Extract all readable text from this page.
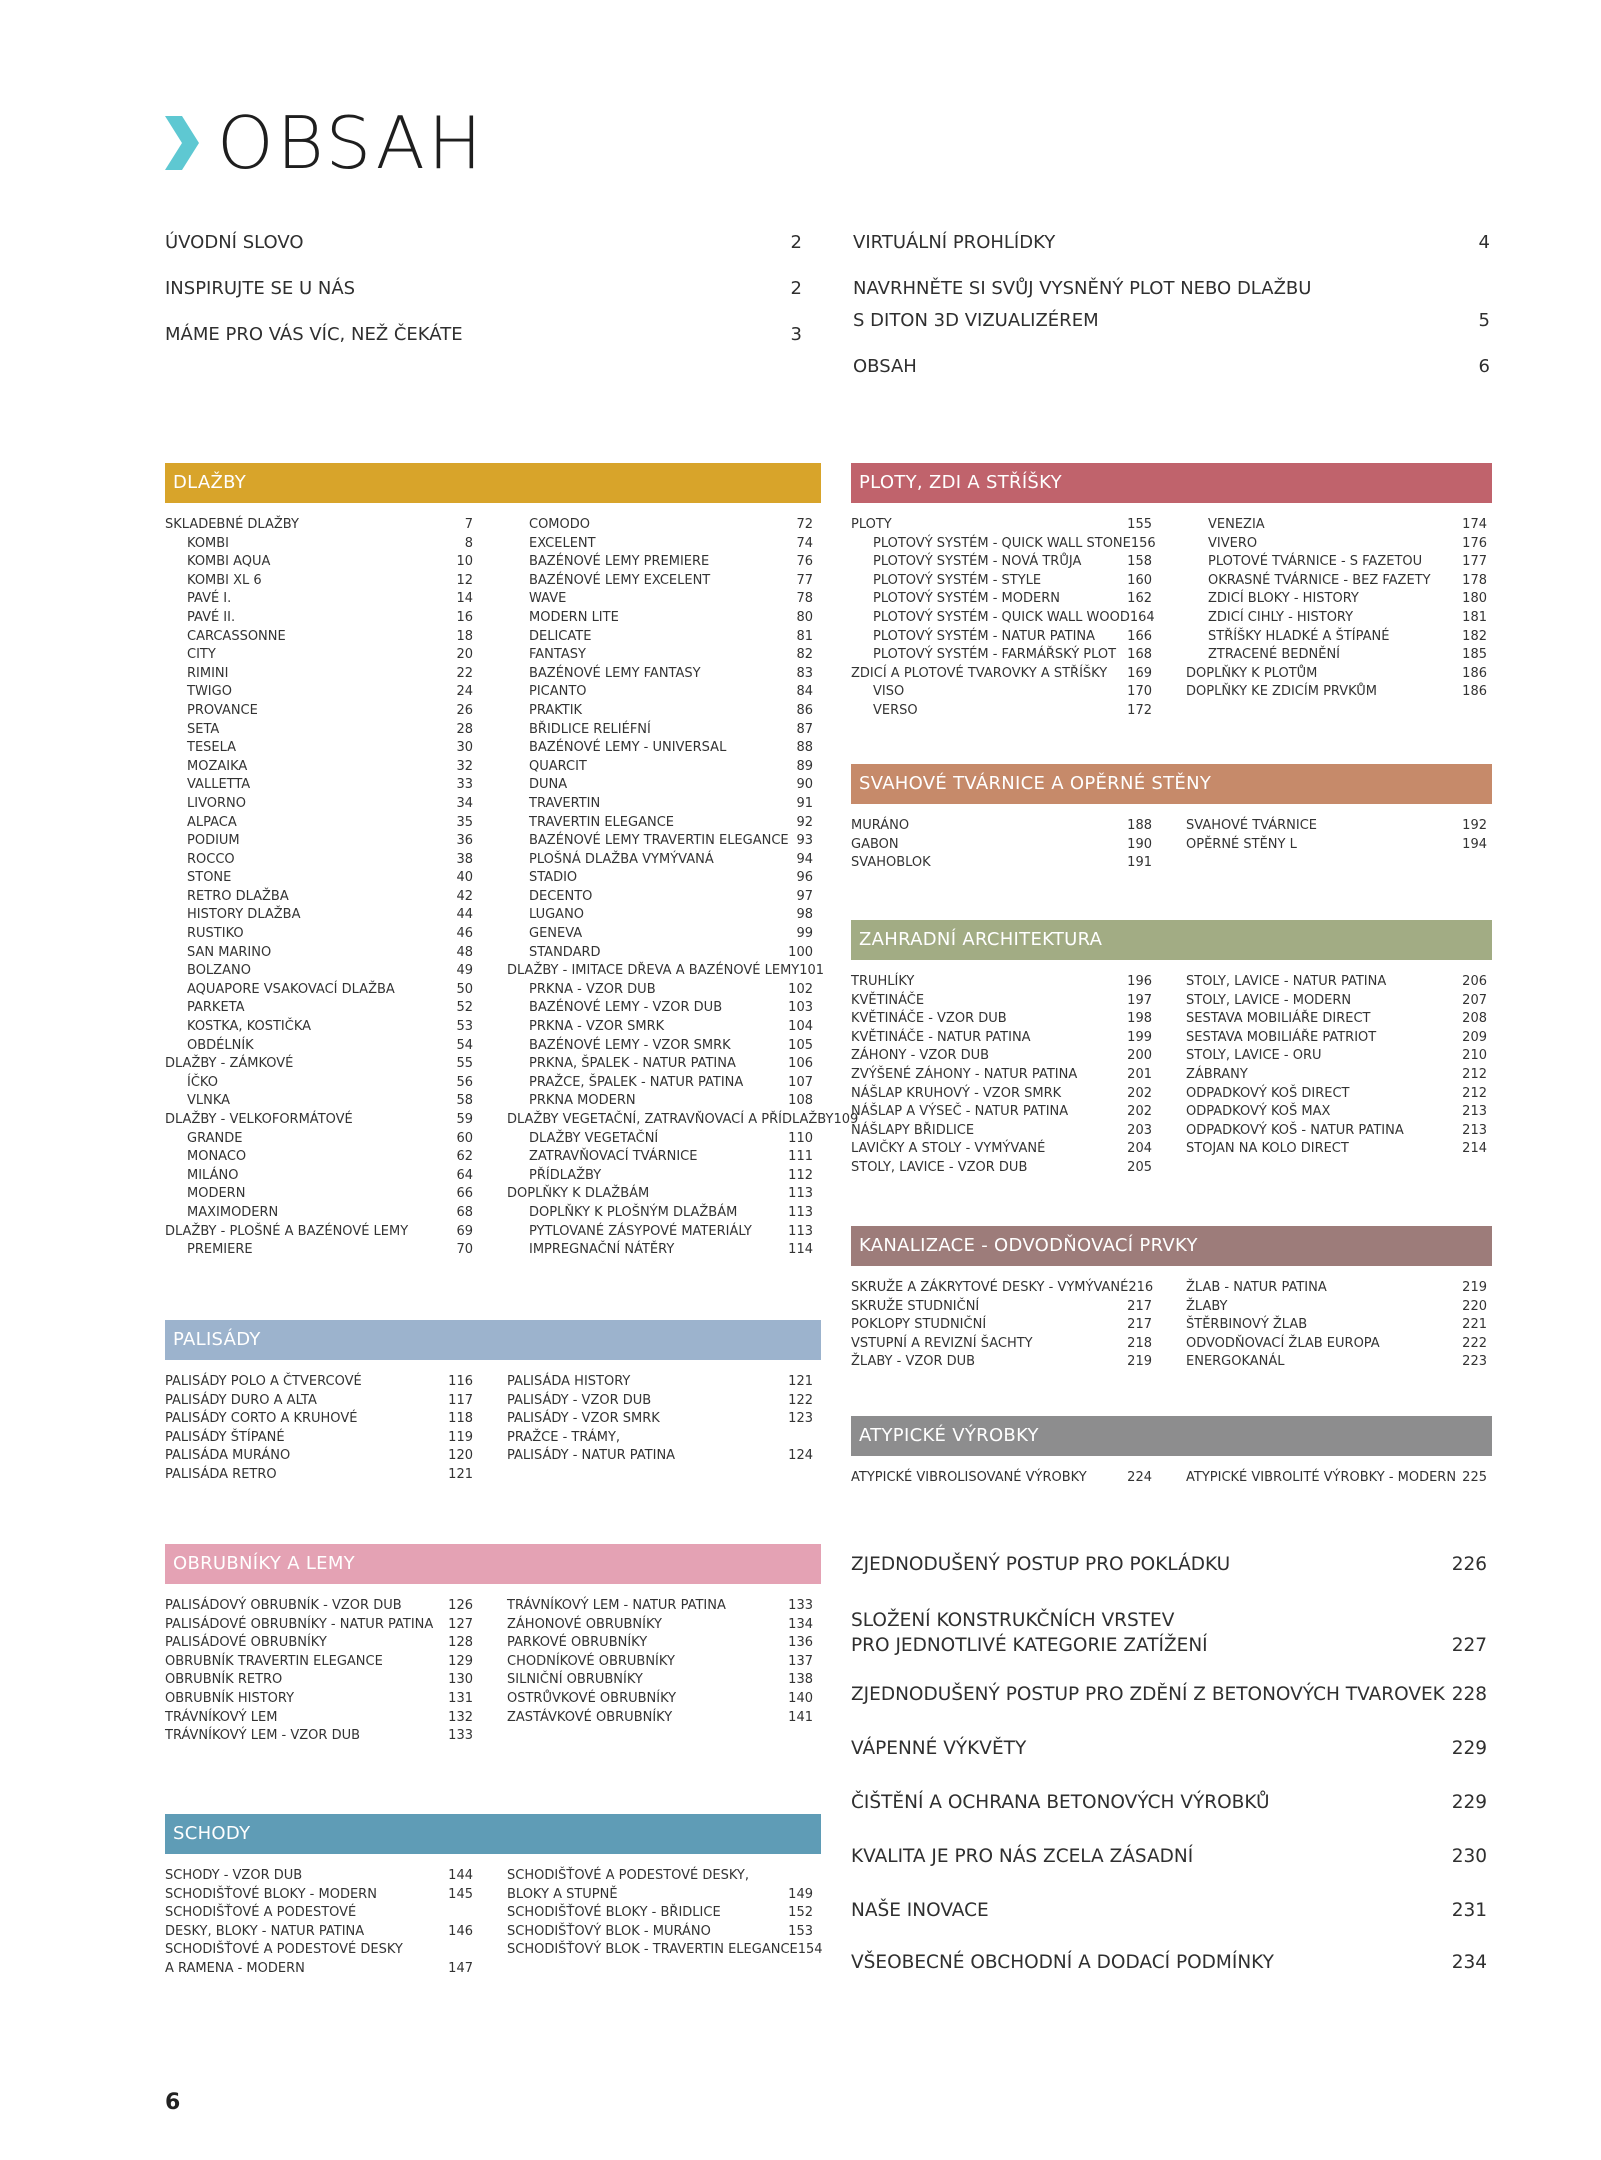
OBSAH
ÚVODNÍ SLOVO	2
INSPIRUJTE SE U NÁS	2
MÁME PRO VÁS VÍC, NEŽ ČEKÁTE	3
VIRTUÁLNÍ PROHLÍDKY	4
NAVRHNĚTE SI SVŮJ VYSNĚNÝ PLOT NEBO DLAŽBU
S DITON 3D VIZUALIZÉREM	5
OBSAH	6
DLAŽBY
SKLADEBNÉ DLAŽBY	7
KOMBI	8
KOMBI AQUA	10
KOMBI XL 6	12
PAVÉ I.	14
PAVÉ II.	16
CARCASSONNE	18
CITY	20
RIMINI	22
TWIGO	24
PROVANCE	26
SETA	28
TESELA	30
MOZAIKA	32
VALLETTA	33
LIVORNO	34
ALPACA	35
PODIUM	36
ROCCO	38
STONE	40
RETRO DLAŽBA	42
HISTORY DLAŽBA	44
RUSTIKO	46
SAN MARINO	48
BOLZANO	49
AQUAPORE VSAKOVACÍ DLAŽBA	50
PARKETA	52
KOSTKA, KOSTIČKA	53
OBDÉLNÍK	54
DLAŽBY - ZÁMKOVÉ	55
ÍČKO	56
VLNKA	58
DLAŽBY - VELKOFORMÁTOVÉ	59
GRANDE	60
MONACO	62
MILÁNO	64
MODERN	66
MAXIMODERN	68
DLAŽBY - PLOŠNÉ A BAZÉNOVÉ LEMY	69
PREMIERE	70
COMODO	72
EXCELENT	74
BAZÉNOVÉ LEMY PREMIERE	76
BAZÉNOVÉ LEMY EXCELENT	77
WAVE	78
MODERN LITE	80
DELICATE	81
FANTASY	82
BAZÉNOVÉ LEMY FANTASY	83
PICANTO	84
PRAKTIK	86
BŘIDLICE RELIÉFNÍ	87
BAZÉNOVÉ LEMY - UNIVERSAL	88
QUARCIT	89
DUNA	90
TRAVERTIN	91
TRAVERTIN ELEGANCE	92
BAZÉNOVÉ LEMY TRAVERTIN ELEGANCE 93
PLOŠNÁ DLAŽBA VYMÝVANÁ	94
STADIO	96
DECENTO	97
LUGANO	98
GENEVA	99
STANDARD	100
DLAŽBY - IMITACE DŘEVA A BAZÉNOVÉ LEMY 101
PRKNA - VZOR DUB	102
BAZÉNOVÉ LEMY - VZOR DUB	103
PRKNA - VZOR SMRK	104
BAZÉNOVÉ LEMY - VZOR SMRK	105
PRKNA, ŠPALEK - NATUR PATINA	106
PRAŽCE, ŠPALEK - NATUR PATINA	107
PRKNA MODERN	108
DLAŽBY VEGETAČNÍ, ZATRAVŇOVACÍ A PŘÍDLAŽBY 109
DLAŽBY VEGETAČNÍ	110
ZATRAVŇOVACÍ TVÁRNICE	111
PŘÍDLAŽBY	112
DOPLŇKY K DLAŽBÁM	113
DOPLŇKY K PLOŠNÝM DLAŽBÁM	113
PYTLOVANÉ ZÁSYPOVÉ MATERIÁLY	113
IMPREGNAČNÍ NÁTĚRY	114
PALISÁDY
PALISÁDY POLO A ČTVERCOVÉ	116
PALISÁDY DURO A ALTA	117
PALISÁDY CORTO A KRUHOVÉ	118
PALISÁDY ŠTÍPANÉ	119
PALISÁDA MURÁNO	120
PALISÁDA RETRO	121
PALISÁDA HISTORY	121
PALISÁDY - VZOR DUB	122
PALISÁDY - VZOR SMRK	123
PRAŽCE - TRÁMY,
PALISÁDY - NATUR PATINA	124
OBRUBNÍKY A LEMY
PALISÁDOVÝ OBRUBNÍK - VZOR DUB	126
PALISÁDOVÉ OBRUBNÍKY - NATUR PATINA 127
PALISÁDOVÉ OBRUBNÍKY	128
OBRUBNÍK TRAVERTIN ELEGANCE	129
OBRUBNÍK RETRO	130
OBRUBNÍK HISTORY	131
TRÁVNÍKOVÝ LEM	132
TRÁVNÍKOVÝ LEM - VZOR DUB	133
TRÁVNÍKOVÝ LEM - NATUR PATINA	133
ZÁHONOVÉ OBRUBNÍKY	134
PARKOVÉ OBRUBNÍKY	136
CHODNÍKOVÉ OBRUBNÍKY	137
SILNIČNÍ OBRUBNÍKY	138
OSTRŮVKOVÉ OBRUBNÍKY	140
ZASTÁVKOVÉ OBRUBNÍKY	141
SCHODY
SCHODY - VZOR DUB	144
SCHODIŠŤOVÉ BLOKY - MODERN	145
SCHODIŠŤOVÉ A PODESTOVÉ
DESKY, BLOKY - NATUR PATINA	146
SCHODIŠŤOVÉ A PODESTOVÉ DESKY
A RAMENA - MODERN	147
SCHODIŠŤOVÉ A PODESTOVÉ DESKY,
BLOKY A STUPNĚ	149
SCHODIŠŤOVÉ BLOKY - BŘIDLICE	152
SCHODIŠŤOVÝ BLOK - MURÁNO	153
SCHODIŠŤOVÝ BLOK - TRAVERTIN ELEGANCE 154
PLOTY, ZDI A STŘÍŠKY
PLOTY	155
PLOTOVÝ SYSTÉM - QUICK WALL STONE 156
PLOTOVÝ SYSTÉM - NOVÁ TRŮJA	158
PLOTOVÝ SYSTÉM - STYLE	160
PLOTOVÝ SYSTÉM - MODERN	162
PLOTOVÝ SYSTÉM - QUICK WALL WOOD 164
PLOTOVÝ SYSTÉM - NATUR PATINA 166
PLOTOVÝ SYSTÉM - FARMÁŘSKÝ PLOT 168
ZDICÍ A PLOTOVÉ TVAROVKY A STŘÍŠKY 169
VISO	170
VERSO	172
VENEZIA	174
VIVERO	176
PLOTOVÉ TVÁRNICE - S FAZETOU	177
OKRASNÉ TVÁRNICE - BEZ FAZETY 178
ZDICÍ BLOKY - HISTORY	180
ZDICÍ CIHLY - HISTORY	181
STŘÍŠKY HLADKÉ A ŠTÍPANÉ	182
ZTRACENÉ BEDNĚNÍ	185
DOPLŇKY K PLOTŮM	186
DOPLŇKY KE ZDICÍM PRVKŮM	186
SVAHOVÉ TVÁRNICE A OPĚRNÉ STĚNY
MURÁNO	188
GABON	190
SVAHOBLOK	191
SVAHOVÉ TVÁRNICE	192
OPĚRNÉ STĚNY L	194
ZAHRADNÍ ARCHITEKTURA
TRUHLÍKY	196
KVĚTINÁČE	197
KVĚTINÁČE - VZOR DUB	198
KVĚTINÁČE - NATUR PATINA	199
ZÁHONY - VZOR DUB	200
ZVÝŠENÉ ZÁHONY - NATUR PATINA	201
NÁŠLAP KRUHOVÝ - VZOR SMRK	202
NÁŠLAP A VÝSEČ - NATUR PATINA	202
NÁŠLAPY BŘIDLICE	203
LAVIČKY A STOLY - VYMÝVANÉ	204
STOLY, LAVICE - VZOR DUB	205
STOLY, LAVICE - NATUR PATINA	206
STOLY, LAVICE - MODERN	207
SESTAVA MOBILIÁŘE DIRECT	208
SESTAVA MOBILIÁŘE PATRIOT	209
STOLY, LAVICE - ORU	210
ZÁBRANY	212
ODPADKOVÝ KOŠ DIRECT	212
ODPADKOVÝ KOŠ MAX	213
ODPADKOVÝ KOŠ - NATUR PATINA	213
STOJAN NA KOLO DIRECT	214
KANALIZACE - ODVODŇOVACÍ PRVKY
SKRUŽE A ZÁKRYTOVÉ DESKY - VYMÝVANÉ 216
SKRUŽE STUDNIČNÍ	217
POKLOPY STUDNIČNÍ	217
VSTUPNÍ A REVIZNÍ ŠACHTY	218
ŽLABY - VZOR DUB	219
ŽLAB - NATUR PATINA	219
ŽLABY	220
ŠTĚRBINOVÝ ŽLAB	221
ODVODŇOVACÍ ŽLAB EUROPA	222
ENERGOKANÁL	223
ATYPICKÉ VÝROBKY
ATYPICKÉ VIBROLISOVANÉ VÝROBKY	224	ATYPICKÉ VIBROLITÉ VÝROBKY - MODERN 225
ZJEDNODUŠENÝ POSTUP PRO POKLÁDKU	226
SLOŽENÍ KONSTRUKČNÍCH VRSTEV
PRO JEDNOTLIVÉ KATEGORIE ZATÍŽENÍ	227
ZJEDNODUŠENÝ POSTUP PRO ZDĚNÍ Z BETONOVÝCH TVAROVEK 228
VÁPENNÉ VÝKVĚTY	229
ČIŠTĚNÍ A OCHRANA BETONOVÝCH VÝROBKŮ	229
KVALITA JE PRO NÁS ZCELA ZÁSADNÍ	230
NAŠE INOVACE	231
VŠEOBECNÉ OBCHODNÍ A DODACÍ PODMÍNKY	234
6
